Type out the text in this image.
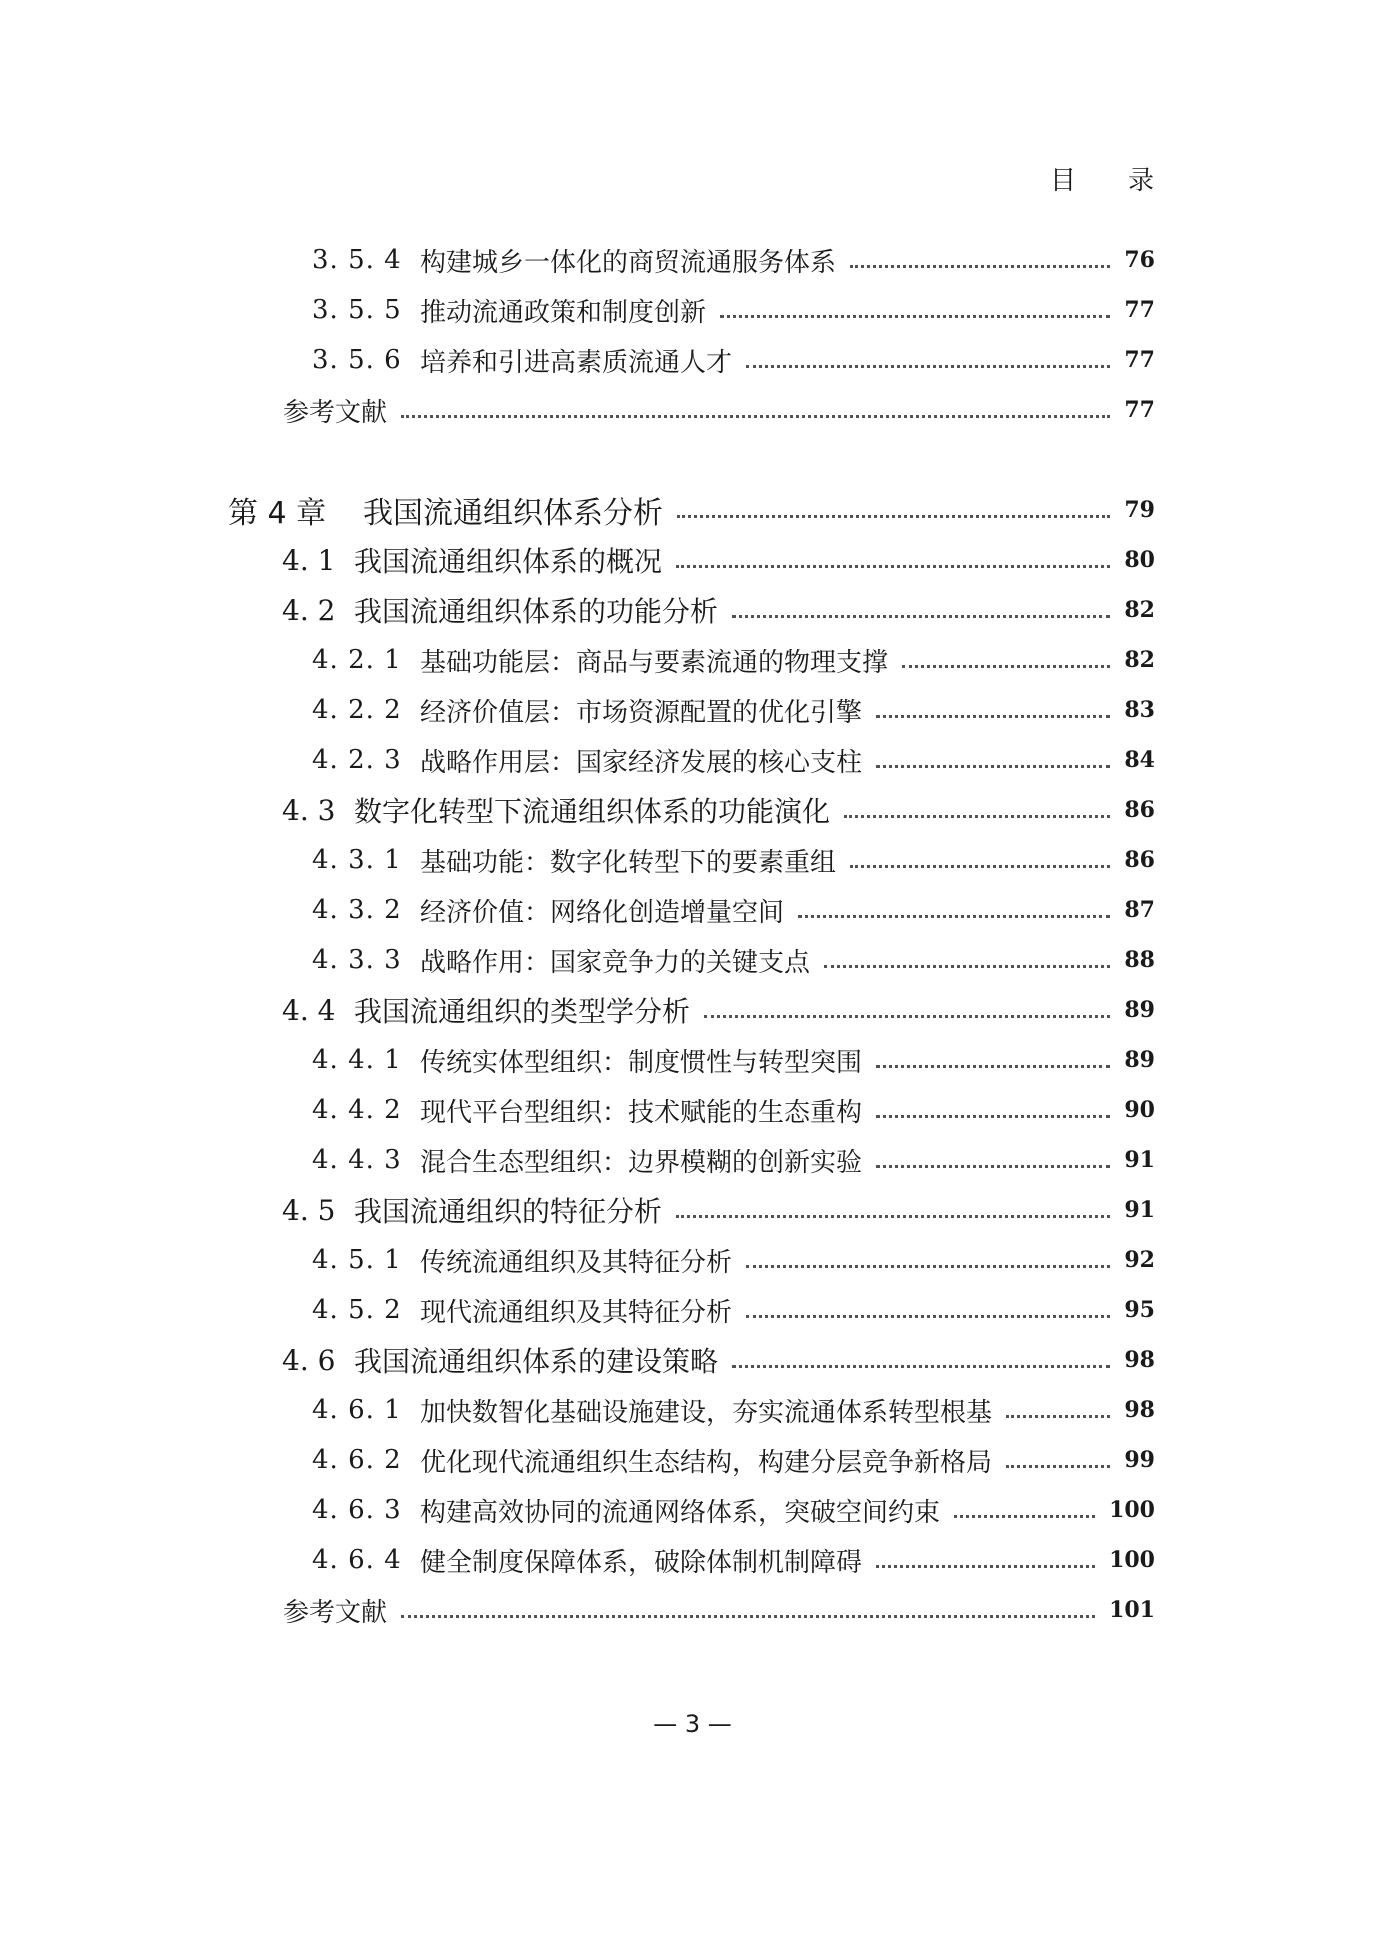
目 录
3. 5. 4 构建城乡一体化的商贸流通服务体系	76
3. 5. 5 推动流通政策和制度创新	77
3. 5. 6 培养和引进高素质流通人才	77
参考文献	77
第 4 章	我国流通组织体系分析	79
4. 1 我国流通组织体系的概况	80
4. 2 我国流通组织体系的功能分析	82
4. 2. 1 基础功能层：商品与要素流通的物理支撑	82
4. 2. 2 经济价值层：市场资源配置的优化引擎	83
4. 2. 3 战略作用层：国家经济发展的核心支柱	84
4. 3 数字化转型下流通组织体系的功能演化	86
4. 3. 1 基础功能：数字化转型下的要素重组	86
4. 3. 2 经济价值：网络化创造增量空间	87
4. 3. 3 战略作用：国家竞争力的关键支点	88
4. 4 我国流通组织的类型学分析	89
4. 4. 1 传统实体型组织：制度惯性与转型突围	89
4. 4. 2 现代平台型组织：技术赋能的生态重构	90
4. 4. 3 混合生态型组织：边界模糊的创新实验	91
4. 5 我国流通组织的特征分析	91
4. 5. 1 传统流通组织及其特征分析	92
4. 5. 2 现代流通组织及其特征分析	95
4. 6 我国流通组织体系的建设策略	98
4. 6. 1 加快数智化基础设施建设，夯实流通体系转型根基	98
4. 6. 2 优化现代流通组织生态结构，构建分层竞争新格局	99
4. 6. 3 构建高效协同的流通网络体系，突破空间约束	100
4. 6. 4 健全制度保障体系，破除体制机制障碍	100
参考文献	101
— 3 —
